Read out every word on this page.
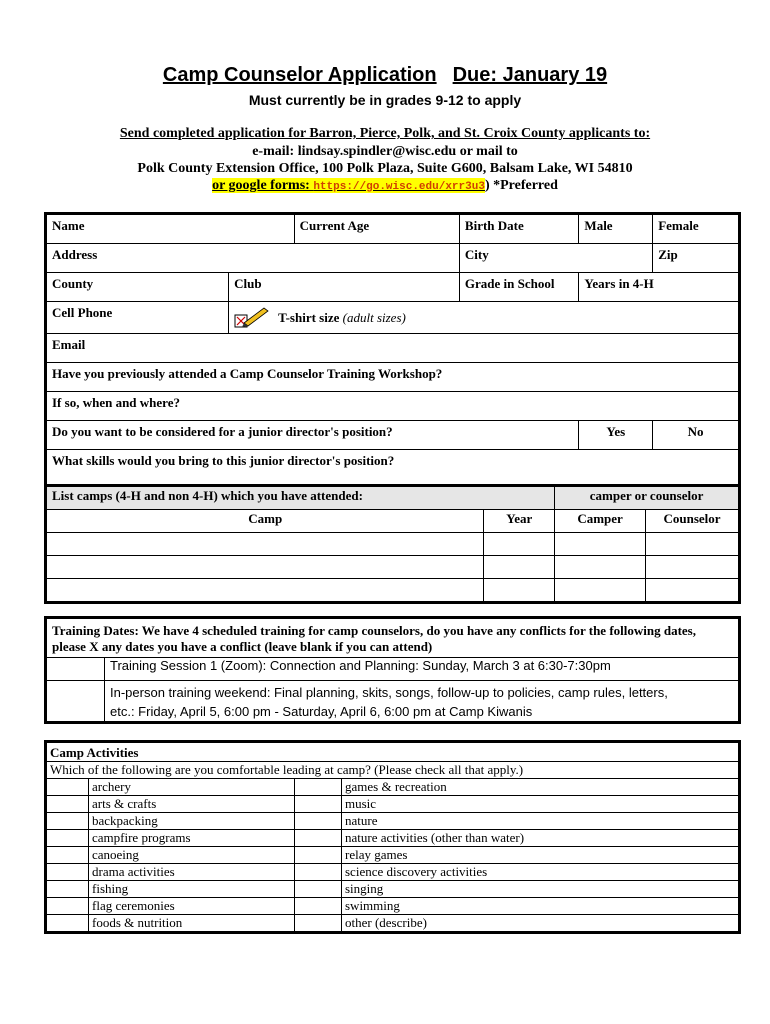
Camp Counselor Application Due: January 19
Must currently be in grades 9-12 to apply
Send completed application for Barron, Pierce, Polk, and St. Croix County applicants to:
e-mail: lindsay.spindler@wisc.edu or mail to
Polk County Extension Office, 100 Polk Plaza, Suite G600, Balsam Lake, WI 54810
or google forms: https://go.wisc.edu/xrr3u3) *Preferred
Name		Current Age	Birth Date	Male	Female
Address			City		Zip
County	Club		Grade in School	Years in 4-H	
Cell Phone	T-shirt size (adult sizes)				
Email					
Have you previously attended a Camp Counselor Training Workshop?					
If so, when and where?					
Do you want to be considered for a junior director's position?				Yes	No
What skills would you bring to this junior director's position?					
List camps (4-H and non 4-H) which you have attended:		camper or counselor	
Camp	Year	Camper	Counselor

Training Dates: We have 4 scheduled training for camp counselors, do you have any conflicts for the following dates, please X any dates you have a conflict (leave blank if you can attend)	
	Training Session 1 (Zoom): Connection and Planning: Sunday, March 3 at 6:30-7:30pm

	In-person training weekend: Final planning, skits, songs, follow-up to policies, camp rules, letters,
etc.: Friday, April 5, 6:00 pm - Saturday, April 6, 6:00 pm at Camp Kiwanis
Camp Activities			
Which of the following are you comfortable leading at camp? (Please check all that apply.)			
	archery		games & recreation
	arts & crafts		music
	backpacking		nature
	campfire programs		nature activities (other than water)
	canoeing		relay games
	drama activities		science discovery activities
	fishing		singing
	flag ceremonies		swimming
	foods & nutrition		other (describe)
